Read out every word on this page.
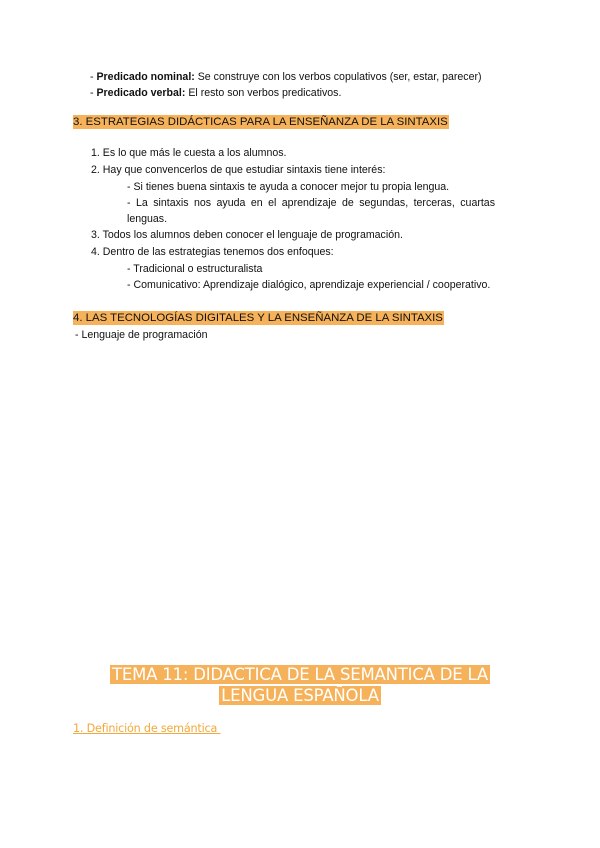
- Predicado nominal: Se construye con los verbos copulativos (ser, estar, parecer)
- Predicado verbal: El resto son verbos predicativos.
3. ESTRATEGIAS DIDÁCTICAS PARA LA ENSEÑANZA DE LA SINTAXIS
1. Es lo que más le cuesta a los alumnos.
2. Hay que convencerlos de que estudiar sintaxis tiene interés:
- Si tienes buena sintaxis te ayuda a conocer mejor tu propia lengua.
- La sintaxis nos ayuda en el aprendizaje de segundas, terceras, cuartas lenguas.
3. Todos los alumnos deben conocer el lenguaje de programación.
4. Dentro de las estrategias tenemos dos enfoques:
- Tradicional o estructuralista
- Comunicativo: Aprendizaje dialógico, aprendizaje experiencial / cooperativo.
4. LAS TECNOLOGÍAS DIGITALES Y LA ENSEÑANZA DE LA SINTAXIS
- Lenguaje de programación
TEMA 11: DIDACTICA DE LA SEMANTICA DE LA
LENGUA ESPAÑOLA
1. Definición de semántica
